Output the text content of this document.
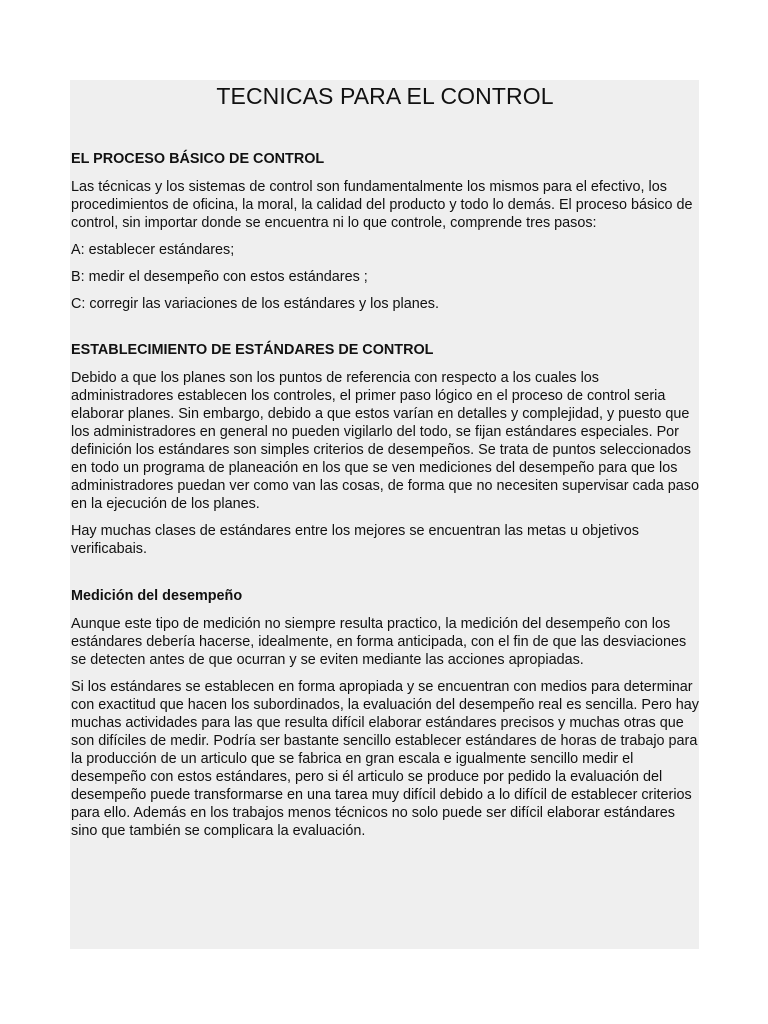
TECNICAS PARA EL CONTROL
EL PROCESO BÁSICO DE CONTROL

Las técnicas y los sistemas de control son fundamentalmente los mismos para el efectivo, los procedimientos de oficina, la moral, la calidad del producto y todo lo demás. El proceso básico de control, sin importar donde se encuentra ni lo que controle, comprende tres pasos:

A: establecer estándares;

B: medir el desempeño con estos estándares ;

C: corregir las variaciones de los estándares y los planes.

ESTABLECIMIENTO DE ESTÁNDARES DE CONTROL

Debido a que los planes son los puntos de referencia con respecto a los cuales los administradores establecen los controles, el primer paso lógico en el proceso de control seria elaborar planes. Sin embargo, debido a que estos varían en detalles y complejidad, y puesto que los administradores en general no pueden vigilarlo del todo, se fijan estándares especiales. Por definición los estándares son simples criterios de desempeños. Se trata de puntos seleccionados en todo un programa de planeación en los que se ven mediciones del desempeño para que los administradores puedan ver como van las cosas, de forma que no necesiten supervisar cada paso en la ejecución de los planes.

Hay muchas clases de estándares entre los mejores se encuentran las metas u objetivos verificabais.

Medición del desempeño

Aunque este tipo de medición no siempre resulta practico, la medición del desempeño con los estándares debería hacerse, idealmente, en forma anticipada, con el fin de que las desviaciones se detecten antes de que ocurran y se eviten mediante las acciones apropiadas.

Si los estándares se establecen en forma apropiada y se encuentran con medios para determinar con exactitud que hacen los subordinados, la evaluación del desempeño real es sencilla. Pero hay muchas actividades para las que resulta difícil elaborar estándares precisos y muchas otras que son difíciles de medir. Podría ser bastante sencillo establecer estándares de horas de trabajo para la producción de un articulo que se fabrica en gran escala e igualmente sencillo medir el desempeño con estos estándares, pero si él articulo se produce por pedido la evaluación del desempeño puede transformarse en una tarea muy difícil debido a lo difícil de establecer criterios para ello. Además en los trabajos menos técnicos no solo puede ser difícil elaborar estándares sino que también se complicara la evaluación.
